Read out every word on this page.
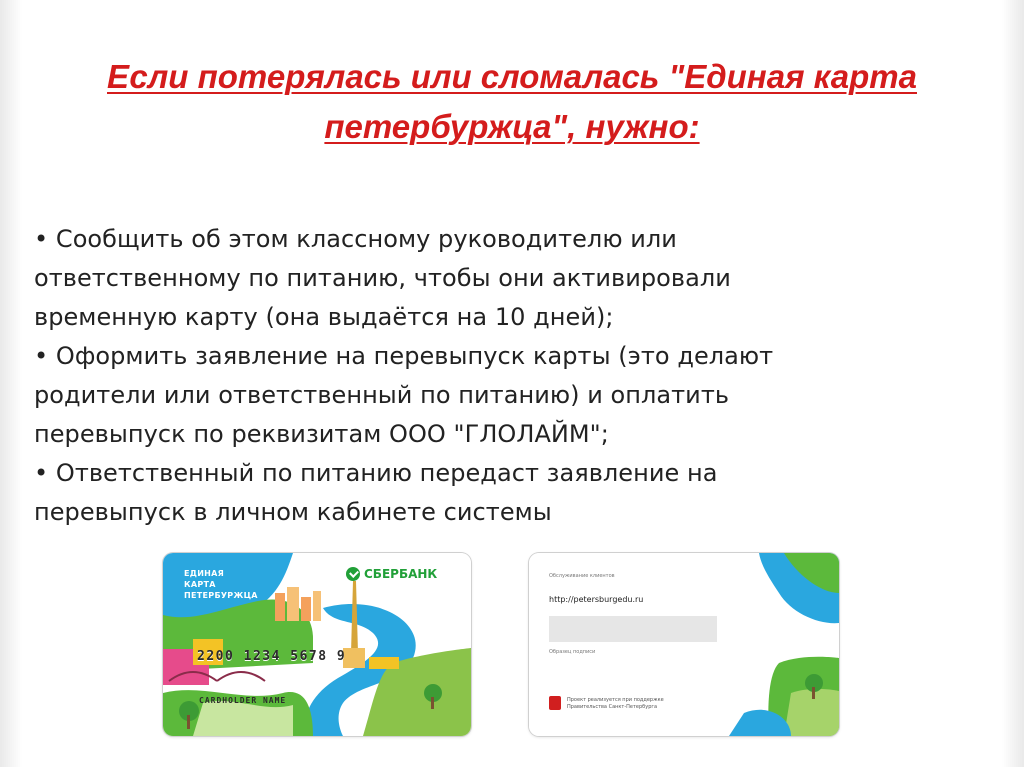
Если потерялась или сломалась "Единая карта петербуржца", нужно:
• Сообщить об этом классному руководителю или
ответственному по питанию, чтобы они активировали
временную карту (она выдаётся на 10 дней);
• Оформить заявление на перевыпуск карты (это делают
родители или ответственный по питанию) и оплатить
перевыпуск по реквизитам ООО "ГЛОЛАЙМ";
• Ответственный по питанию передаст заявление на
перевыпуск в личном кабинете системы
ЕДИНАЯ
КАРТА
ПЕТЕРБУРЖЦА
СБЕРБАНК
2200 1234 5678 9
CARDHOLDER NAME
Обслуживание клиентов
http://petersburgedu.ru
Образец подписи
Проект реализуется при поддержке
Правительства Санкт-Петербурга
